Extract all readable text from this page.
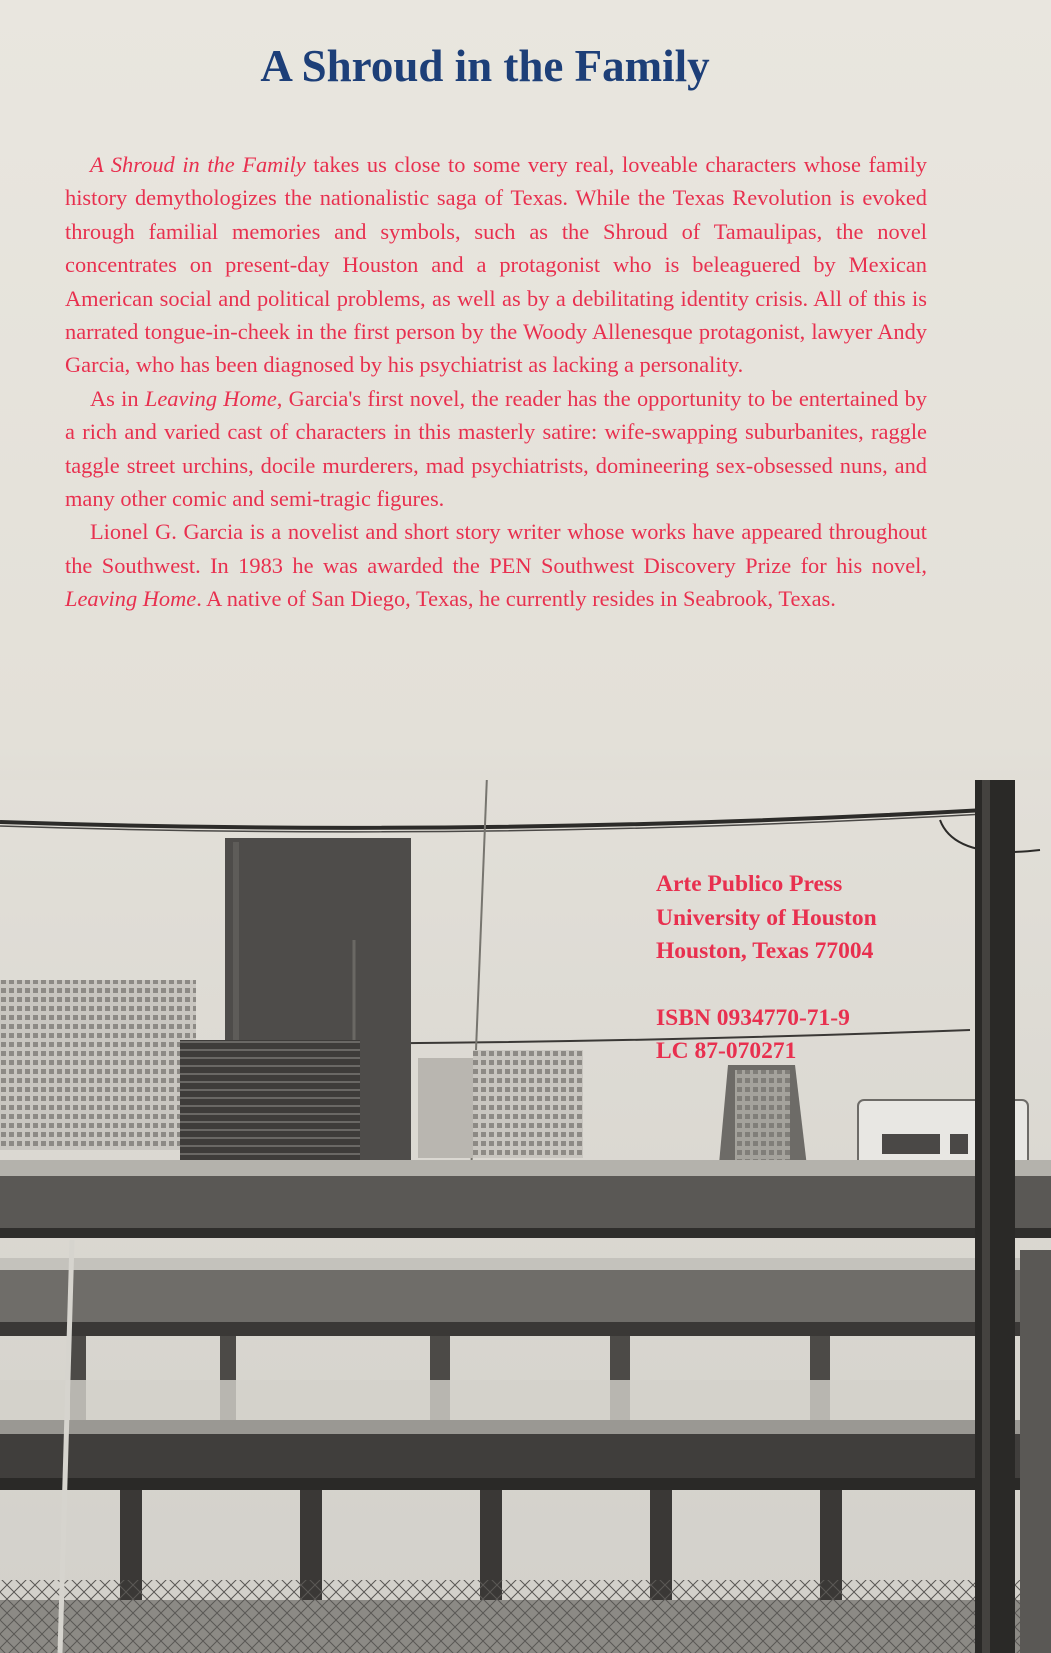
A Shroud in the Family

A Shroud in the Family takes us close to some very real, loveable characters whose family history demythologizes the nationalistic saga of Texas. While the Texas Revolution is evoked through familial memories and symbols, such as the Shroud of Tamaulipas, the novel concentrates on present-day Houston and a protagonist who is beleaguered by Mexican American social and political problems, as well as by a debilitating identity crisis. All of this is narrated tongue-in-cheek in the first person by the Woody Allenesque protagonist, lawyer Andy Garcia, who has been diagnosed by his psychiatrist as lacking a personality.

As in Leaving Home, Garcia's first novel, the reader has the opportunity to be entertained by a rich and varied cast of characters in this masterly satire: wife-swapping suburbanites, raggle taggle street urchins, docile murderers, mad psychiatrists, domineering sex-obsessed nuns, and many other comic and semi-tragic figures.

Lionel G. Garcia is a novelist and short story writer whose works have appeared throughout the Southwest. In 1983 he was awarded the PEN Southwest Discovery Prize for his novel, Leaving Home. A native of San Diego, Texas, he currently resides in Seabrook, Texas.

Arte Publico Press
University of Houston
Houston, Texas 77004
ISBN 0934770-71-9
LC 87-070271
